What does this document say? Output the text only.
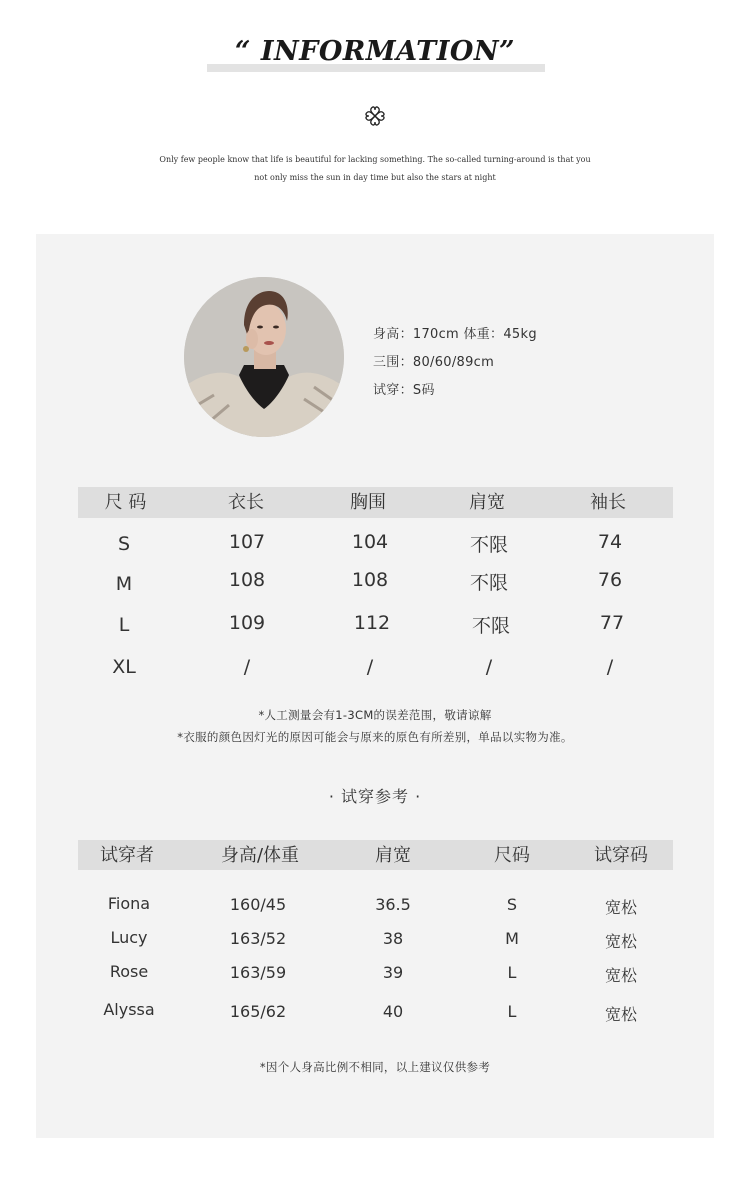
“ INFORMATION”
Only few people know that life is beautiful for lacking something. The so-called turning-around is that you
not only miss the sun in day time but also the stars at night
身高：170cm 体重：45kg
三围：80/60/89cm
试穿：S码
尺 码	衣长	胸围	肩宽	袖长
S	107	104	不限	74
M	108	108	不限	76
L	109	112	不限	77
XL	/	/	/	/
*人工测量会有1-3CM的误差范围，敬请谅解
*衣服的颜色因灯光的原因可能会与原来的原色有所差别，单品以实物为准。
· 试穿参考 ·
试穿者	身高/体重	肩宽	尺码	试穿码
Fiona	160/45	36.5	S	宽松
Lucy	163/52	38	M	宽松
Rose	163/59	39	L	宽松
Alyssa	165/62	40	L	宽松
*因个人身高比例不相同，以上建议仅供参考
